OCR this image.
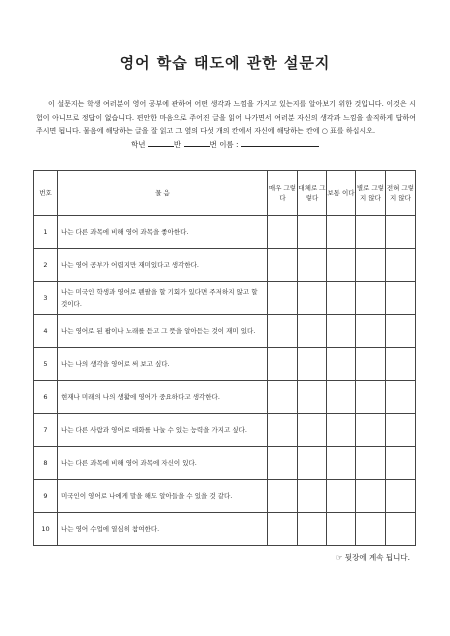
영어 학습 태도에 관한 설문지

이 설문지는 학생 여러분이 영어 공부에 관하여 어떤 생각과 느낌을 가지고 있는지를 알아보기 위한 것입니다. 이것은 시험이 아니므로 정답이 없습니다. 편안한 마음으로 주어진 글을 읽어 나가면서 여러분 자신의 생각과 느낌을 솔직하게 답하여 주시면 됩니다. 물음에 해당하는 글을 잘 읽고 그 옆의 다섯 개의 칸에서 자신에 해당하는 칸에 ○ 표를 하십시오.

학년	반	번 이름 :
번호	물 음	매우 그렇다	대체로 그렇다	보통 이다	별로 그렇지 않다	전혀 그렇지 않다
1	나는 다른 과목에 비해 영어 과목을 좋아한다.					
2	나는 영어 공부가 어렵지만 재미있다고 생각한다.					
3	나는 미국인 학생과 영어로 펜팔을 할 기회가 있다면 주저하지 않고 할 것이다.					
4	나는 영어로 된 팝이나 노래를 듣고 그 뜻을 알아듣는 것이 재미 있다.					
5	나는 나의 생각을 영어로 써 보고 싶다.					
6	현재나 미래의 나의 생활에 영어가 중요하다고 생각한다.					
7	나는 다른 사람과 영어로 대화를 나눌 수 있는 능력을 가지고 싶다.					
8	나는 다른 과목에 비해 영어 과목에 자신이 있다.					
9	미국인이 영어로 나에게 말을 해도 알아들을 수 있을 것 같다.					
10	나는 영어 수업에 열심히 참여한다.					
☞ 뒷장에 계속 됩니다.
